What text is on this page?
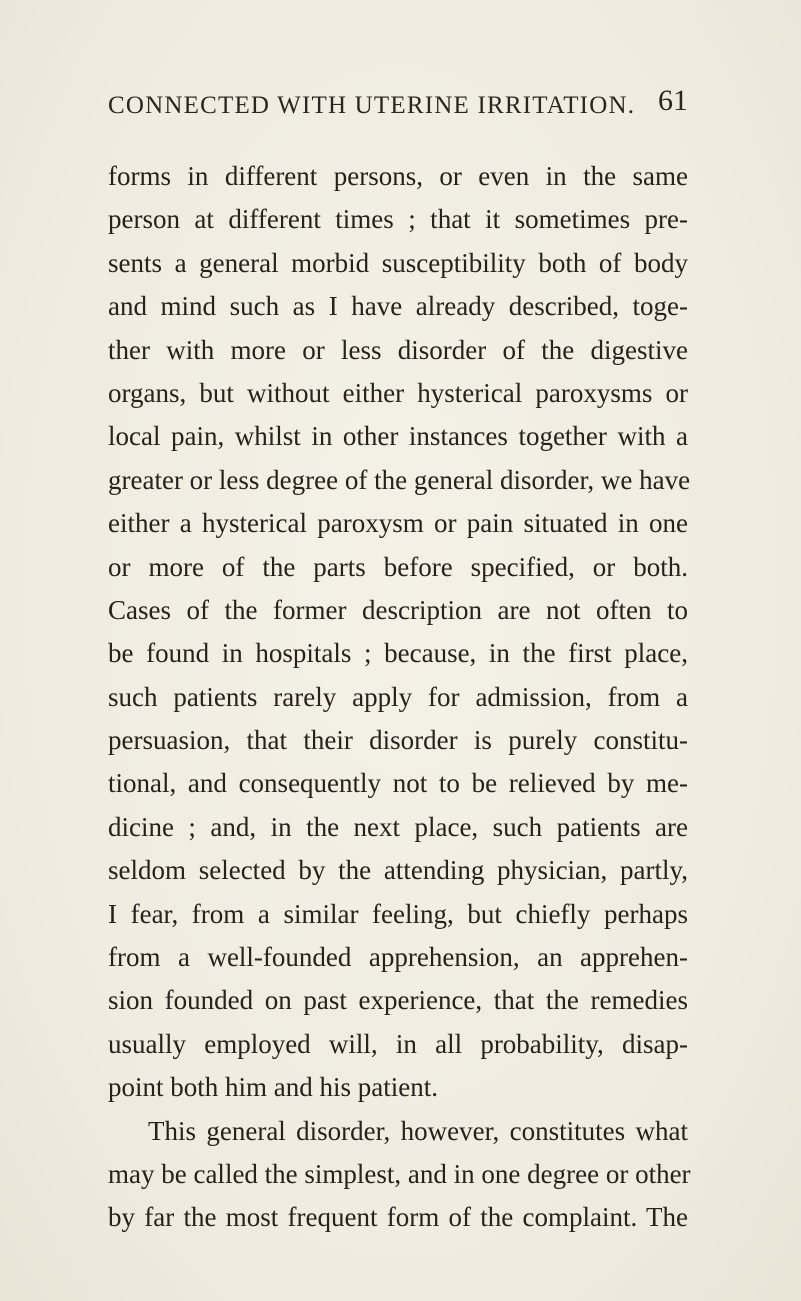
CONNECTED WITH UTERINE IRRITATION. 61
forms in different persons, or even in the same
person at different times ; that it sometimes pre-
sents a general morbid susceptibility both of body
and mind such as I have already described, toge-
ther with more or less disorder of the digestive
organs, but without either hysterical paroxysms or
local pain, whilst in other instances together with a
greater or less degree of the general disorder, we have
either a hysterical paroxysm or pain situated in one
or more of the parts before specified, or both.
Cases of the former description are not often to
be found in hospitals ; because, in the first place,
such patients rarely apply for admission, from a
persuasion, that their disorder is purely constitu-
tional, and consequently not to be relieved by me-
dicine ; and, in the next place, such patients are
seldom selected by the attending physician, partly,
I fear, from a similar feeling, but chiefly perhaps
from a well-founded apprehension, an apprehen-
sion founded on past experience, that the remedies
usually employed will, in all probability, disap-
point both him and his patient.
This general disorder, however, constitutes what
may be called the simplest, and in one degree or other
by far the most frequent form of the complaint. The
